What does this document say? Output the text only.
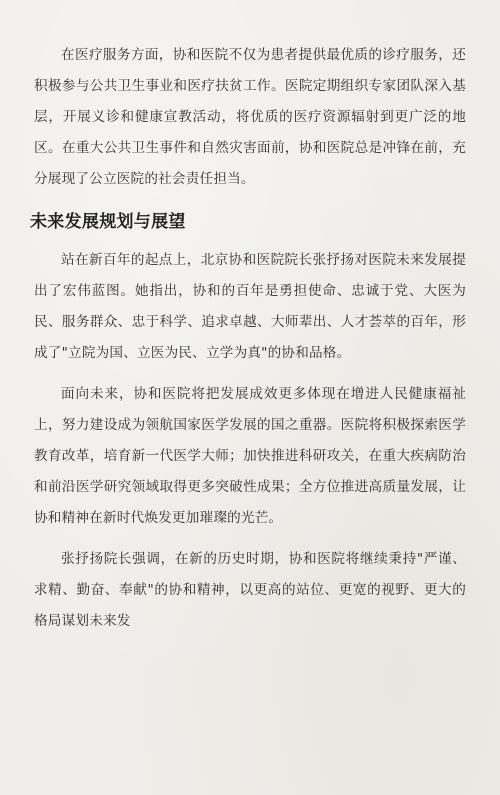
在医疗服务方面，协和医院不仅为患者提供最优质的诊疗服务，还积极参与公共卫生事业和医疗扶贫工作。医院定期组织专家团队深入基层，开展义诊和健康宣教活动，将优质的医疗资源辐射到更广泛的地区。在重大公共卫生事件和自然灾害面前，协和医院总是冲锋在前，充分展现了公立医院的社会责任担当。

未来发展规划与展望

站在新百年的起点上，北京协和医院院长张抒扬对医院未来发展提出了宏伟蓝图。她指出，协和的百年是勇担使命、忠诚于党、大医为民、服务群众、忠于科学、追求卓越、大师辈出、人才荟萃的百年，形成了"立院为国、立医为民、立学为真"的协和品格。

面向未来，协和医院将把发展成效更多体现在增进人民健康福祉上，努力建设成为领航国家医学发展的国之重器。医院将积极探索医学教育改革，培育新一代医学大师；加快推进科研攻关，在重大疾病防治和前沿医学研究领域取得更多突破性成果；全方位推进高质量发展，让协和精神在新时代焕发更加璀璨的光芒。

张抒扬院长强调，在新的历史时期，协和医院将继续秉持"严谨、求精、勤奋、奉献"的协和精神，以更高的站位、更宽的视野、更大的格局谋划未来发
